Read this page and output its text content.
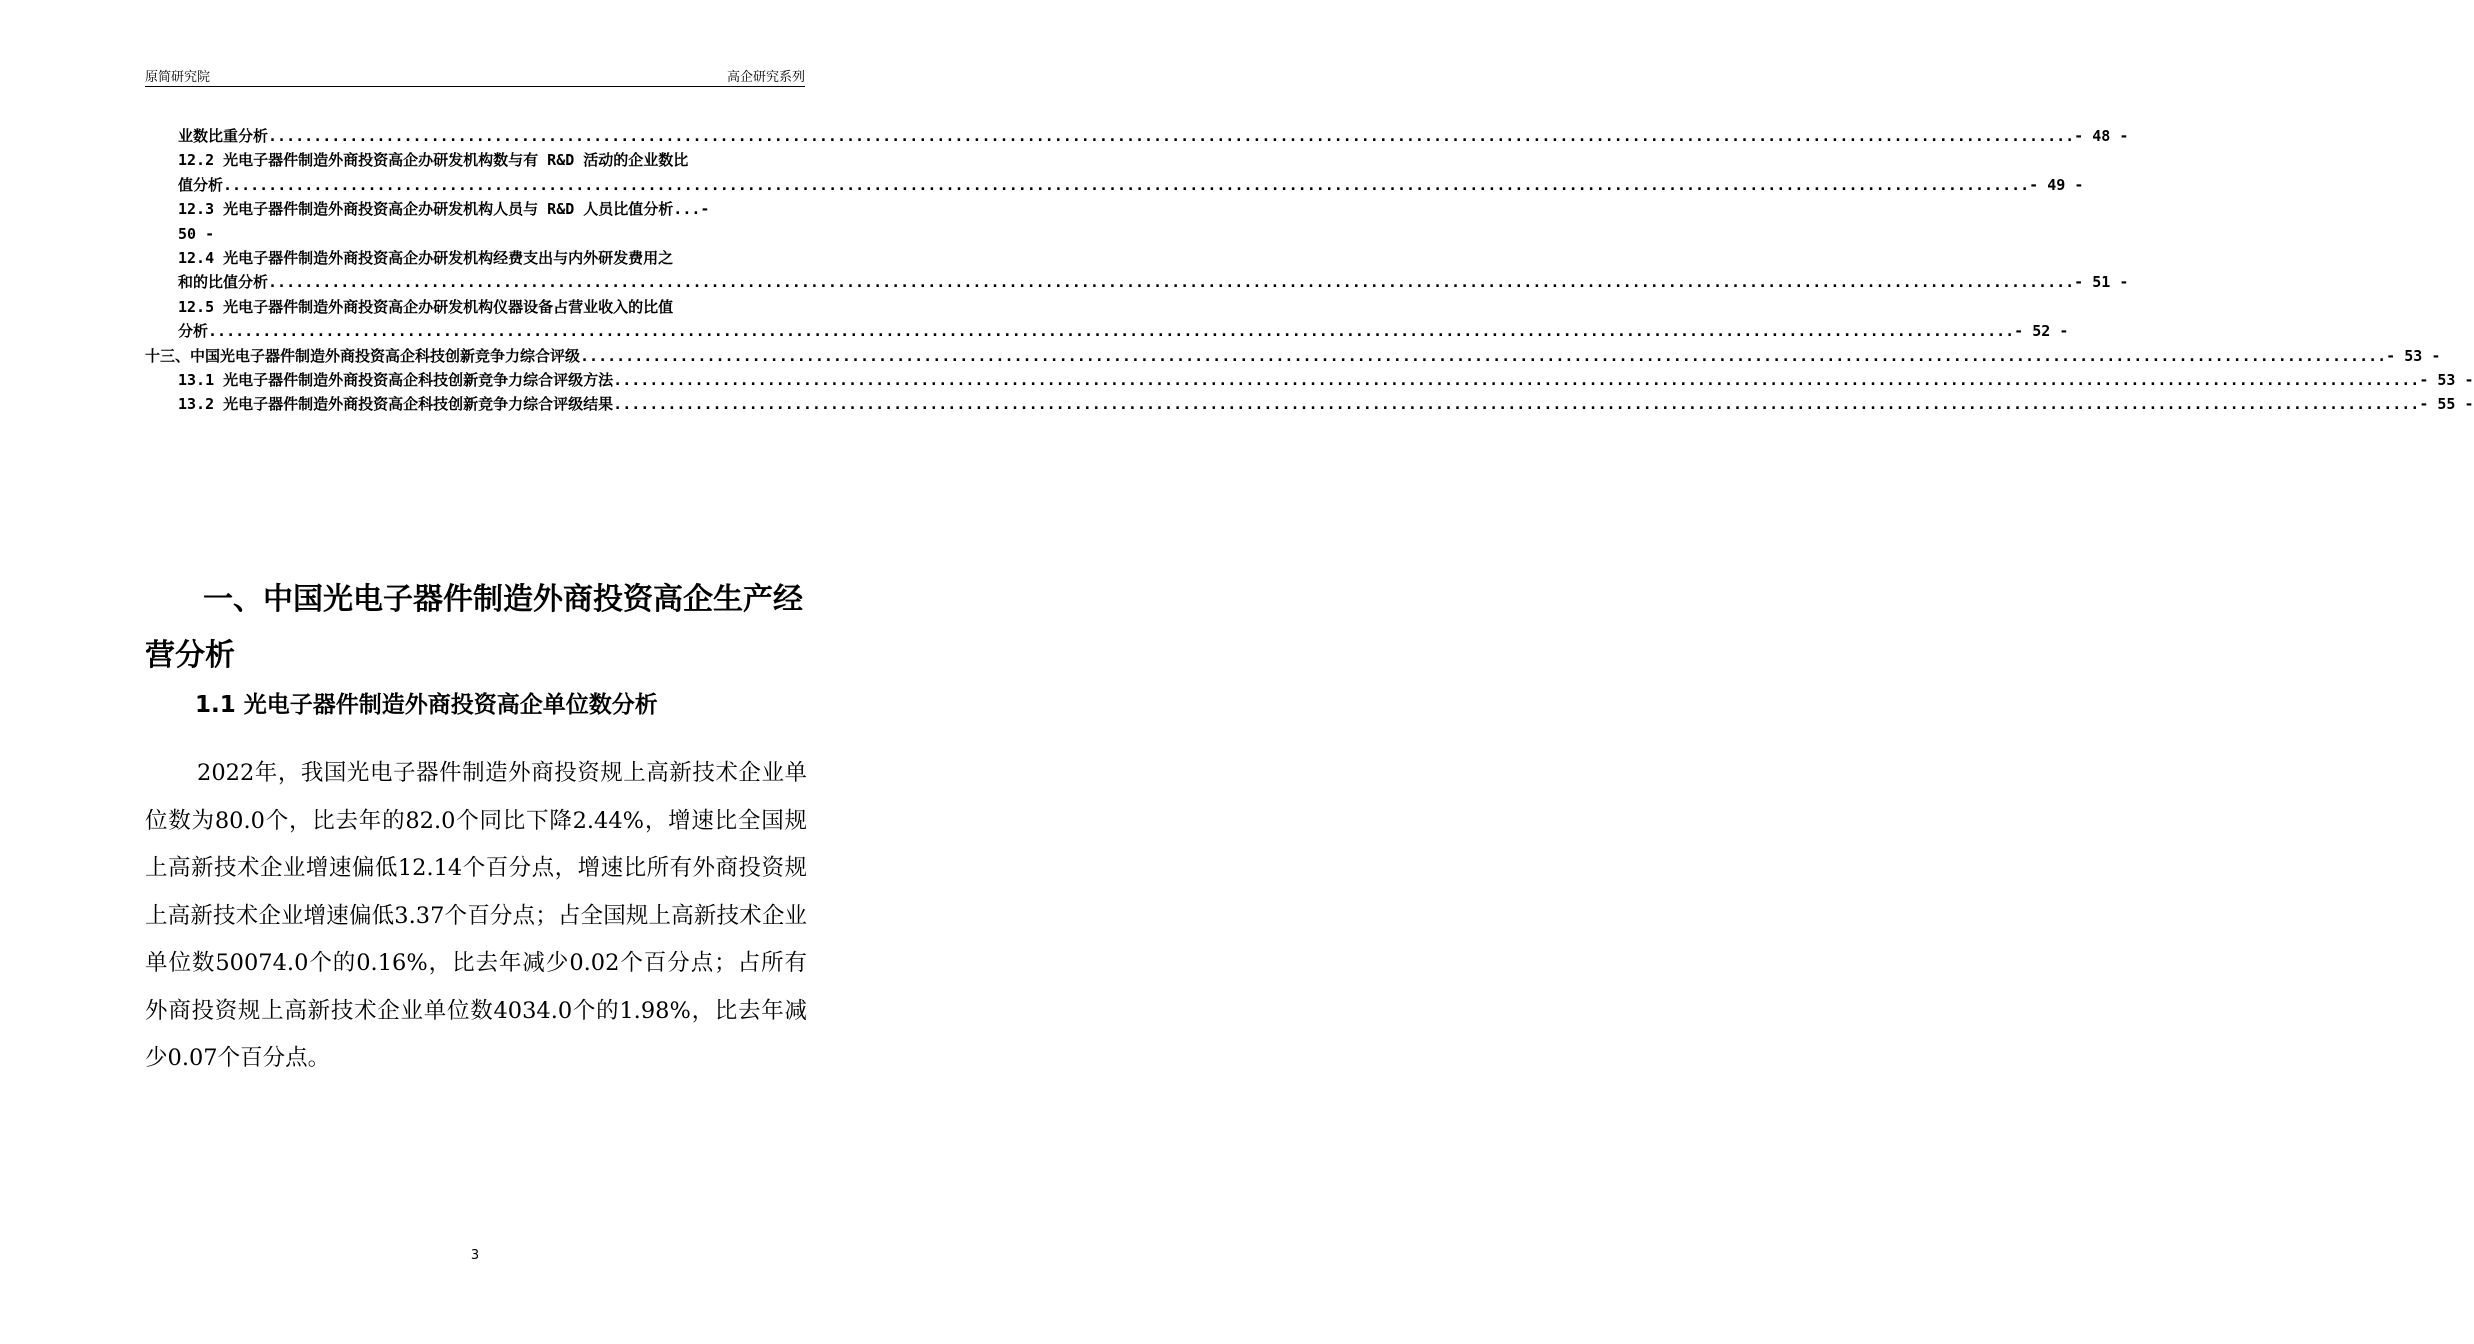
原简研究院	高企研究系列
业数比重分析 ........................................................................................................................................................................................................ - 48 -
12.2 光电子器件制造外商投资高企办研发机构数与有 R&D 活动的企业数比
值分析 ........................................................................................................................................................................................................ - 49 -
12.3 光电子器件制造外商投资高企办研发机构人员与 R&D 人员比值分析...-
50 -
12.4 光电子器件制造外商投资高企办研发机构经费支出与内外研发费用之
和的比值分析 ........................................................................................................................................................................................................ - 51 -
12.5 光电子器件制造外商投资高企办研发机构仪器设备占营业收入的比值
分析 ........................................................................................................................................................................................................ - 52 -
十三、中国光电子器件制造外商投资高企科技创新竞争力综合评级 ........................................................................................................................................................................................................ - 53 -
13.1 光电子器件制造外商投资高企科技创新竞争力综合评级方法 ........................................................................................................................................................................................................ - 53 -
13.2 光电子器件制造外商投资高企科技创新竞争力综合评级结果 ........................................................................................................................................................................................................ - 55 -
一、中国光电子器件制造外商投资高企生产经营分析
1.1 光电子器件制造外商投资高企单位数分析

2022年，我国光电子器件制造外商投资规上高新技术企业单位数为80.0个，比去年的82.0个同比下降2.44%，增速比全国规上高新技术企业增速偏低12.14个百分点，增速比所有外商投资规上高新技术企业增速偏低3.37个百分点；占全国规上高新技术企业单位数50074.0个的0.16%，比去年减少0.02个百分点；占所有外商投资规上高新技术企业单位数4034.0个的1.98%，比去年减少0.07个百分点。

3
